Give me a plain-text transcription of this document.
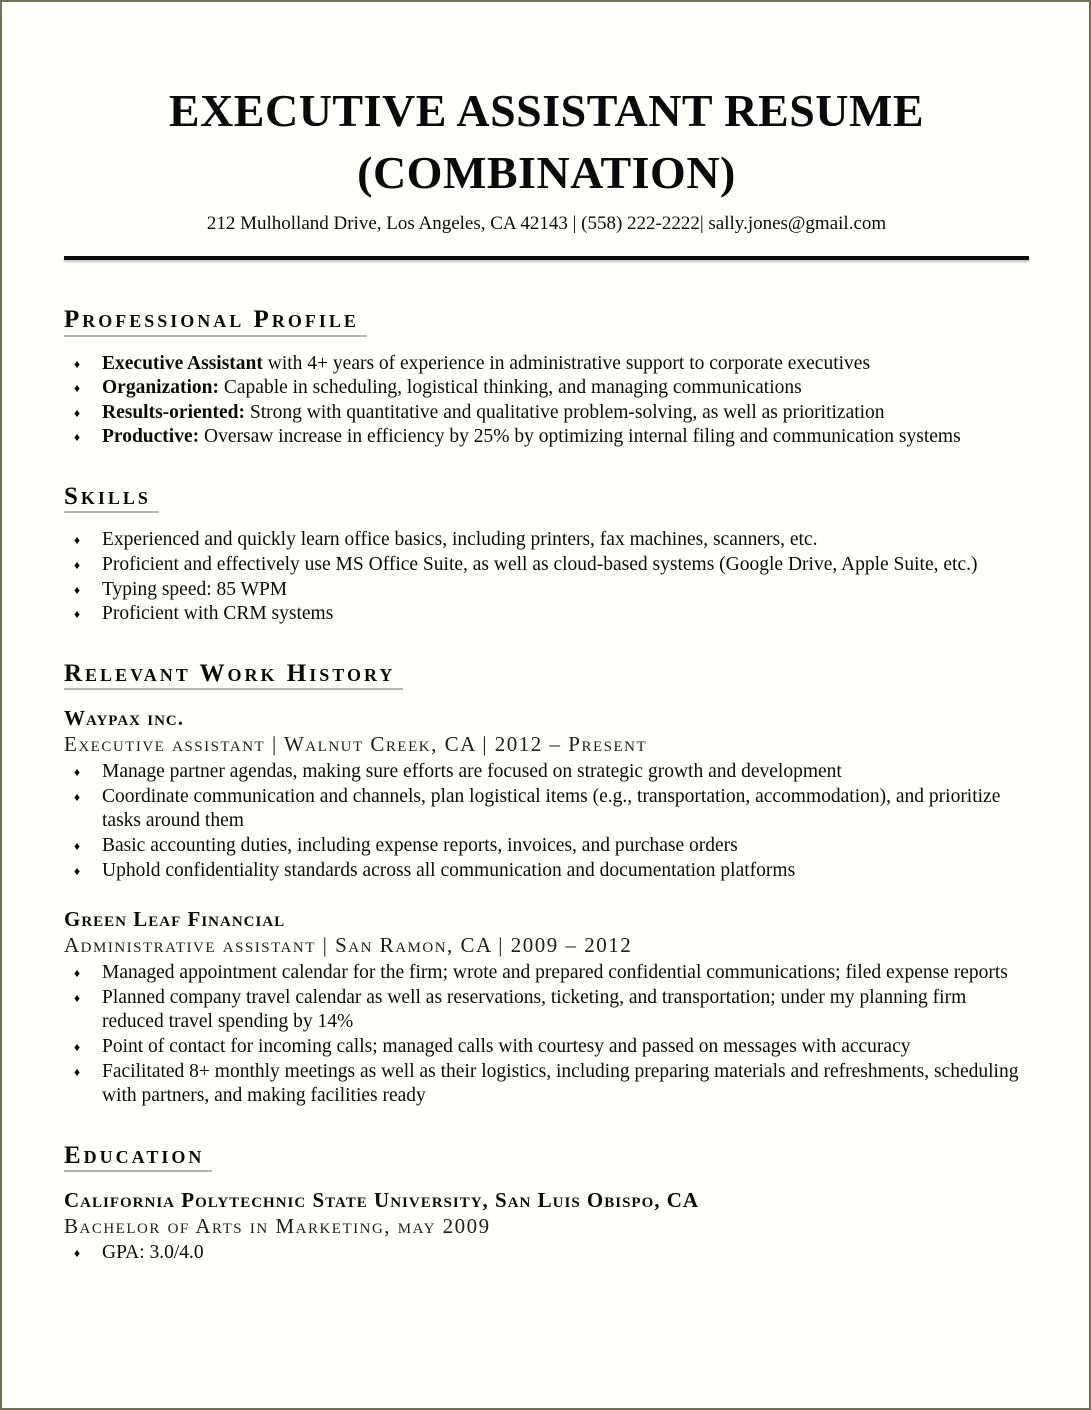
EXECUTIVE ASSISTANT RESUME
(COMBINATION)
212 Mulholland Drive, Los Angeles, CA 42143 | (558) 222-2222| sally.jones@gmail.com
Professional Profile
♦ Executive Assistant with 4+ years of experience in administrative support to corporate executives
♦ Organization: Capable in scheduling, logistical thinking, and managing communications
♦ Results-oriented: Strong with quantitative and qualitative problem-solving, as well as prioritization
♦ Productive: Oversaw increase in efficiency by 25% by optimizing internal filing and communication systems
Skills
♦ Experienced and quickly learn office basics, including printers, fax machines, scanners, etc.
♦ Proficient and effectively use MS Office Suite, as well as cloud-based systems (Google Drive, Apple Suite, etc.)
♦ Typing speed: 85 WPM
♦ Proficient with CRM systems
Relevant Work History
Waypax inc.
Executive assistant | Walnut Creek, CA | 2012 – Present
♦ Manage partner agendas, making sure efforts are focused on strategic growth and development
♦ Coordinate communication and channels, plan logistical items (e.g., transportation, accommodation), and prioritize tasks around them
♦ Basic accounting duties, including expense reports, invoices, and purchase orders
♦ Uphold confidentiality standards across all communication and documentation platforms
Green Leaf Financial
Administrative assistant | San Ramon, CA | 2009 – 2012
♦ Managed appointment calendar for the firm; wrote and prepared confidential communications; filed expense reports
♦ Planned company travel calendar as well as reservations, ticketing, and transportation; under my planning firm reduced travel spending by 14%
♦ Point of contact for incoming calls; managed calls with courtesy and passed on messages with accuracy
♦ Facilitated 8+ monthly meetings as well as their logistics, including preparing materials and refreshments, scheduling with partners, and making facilities ready
Education
California Polytechnic State University, San Luis Obispo, CA
Bachelor of Arts in Marketing, may 2009
♦ GPA: 3.0/4.0
